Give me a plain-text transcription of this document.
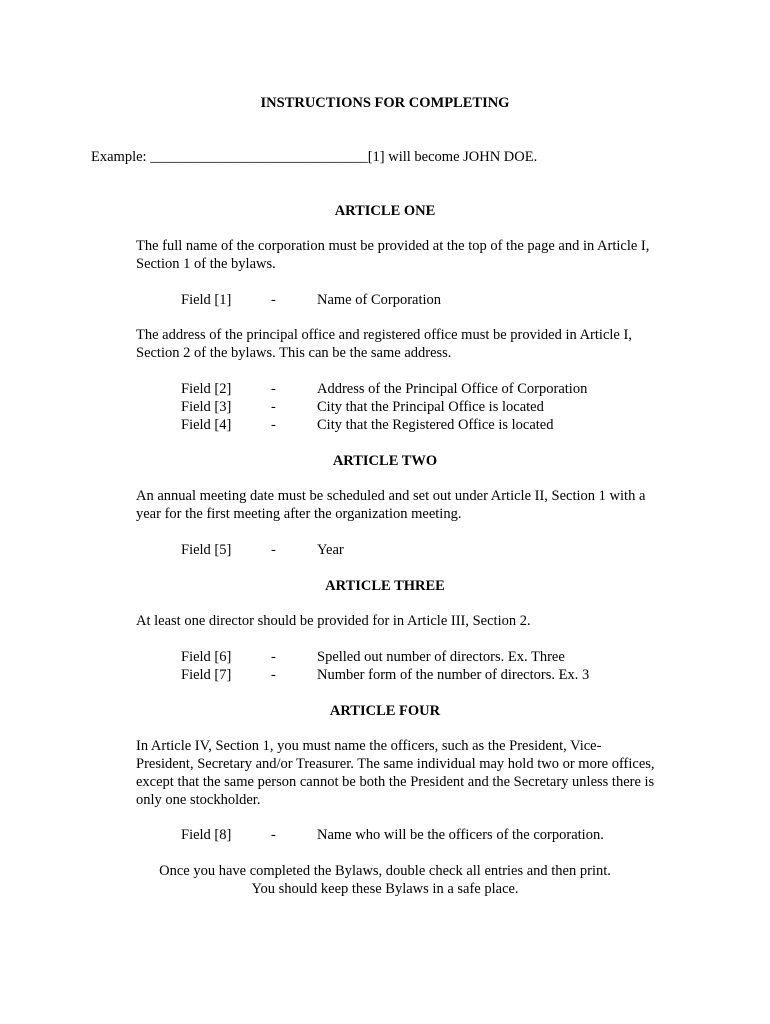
INSTRUCTIONS FOR COMPLETING
Example: ______________________________[1] will become JOHN DOE.
ARTICLE ONE
The full name of the corporation must be provided at the top of the page and in Article I,
Section 1 of the bylaws.
Field [1]	-	Name of Corporation
The address of the principal office and registered office must be provided in Article I,
Section 2 of the bylaws. This can be the same address.
Field [2]	-	Address of the Principal Office of Corporation
Field [3]	-	City that the Principal Office is located
Field [4]	-	City that the Registered Office is located
ARTICLE TWO
An annual meeting date must be scheduled and set out under Article II, Section 1 with a
year for the first meeting after the organization meeting.
Field [5]	-	Year
ARTICLE THREE
At least one director should be provided for in Article III, Section 2.
Field [6]	-	Spelled out number of directors. Ex. Three
Field [7]	-	Number form of the number of directors. Ex. 3
ARTICLE FOUR
In Article IV, Section 1, you must name the officers, such as the President, Vice-
President, Secretary and/or Treasurer. The same individual may hold two or more offices,
except that the same person cannot be both the President and the Secretary unless there is
only one stockholder.
Field [8]	-	Name who will be the officers of the corporation.
Once you have completed the Bylaws, double check all entries and then print.
You should keep these Bylaws in a safe place.
